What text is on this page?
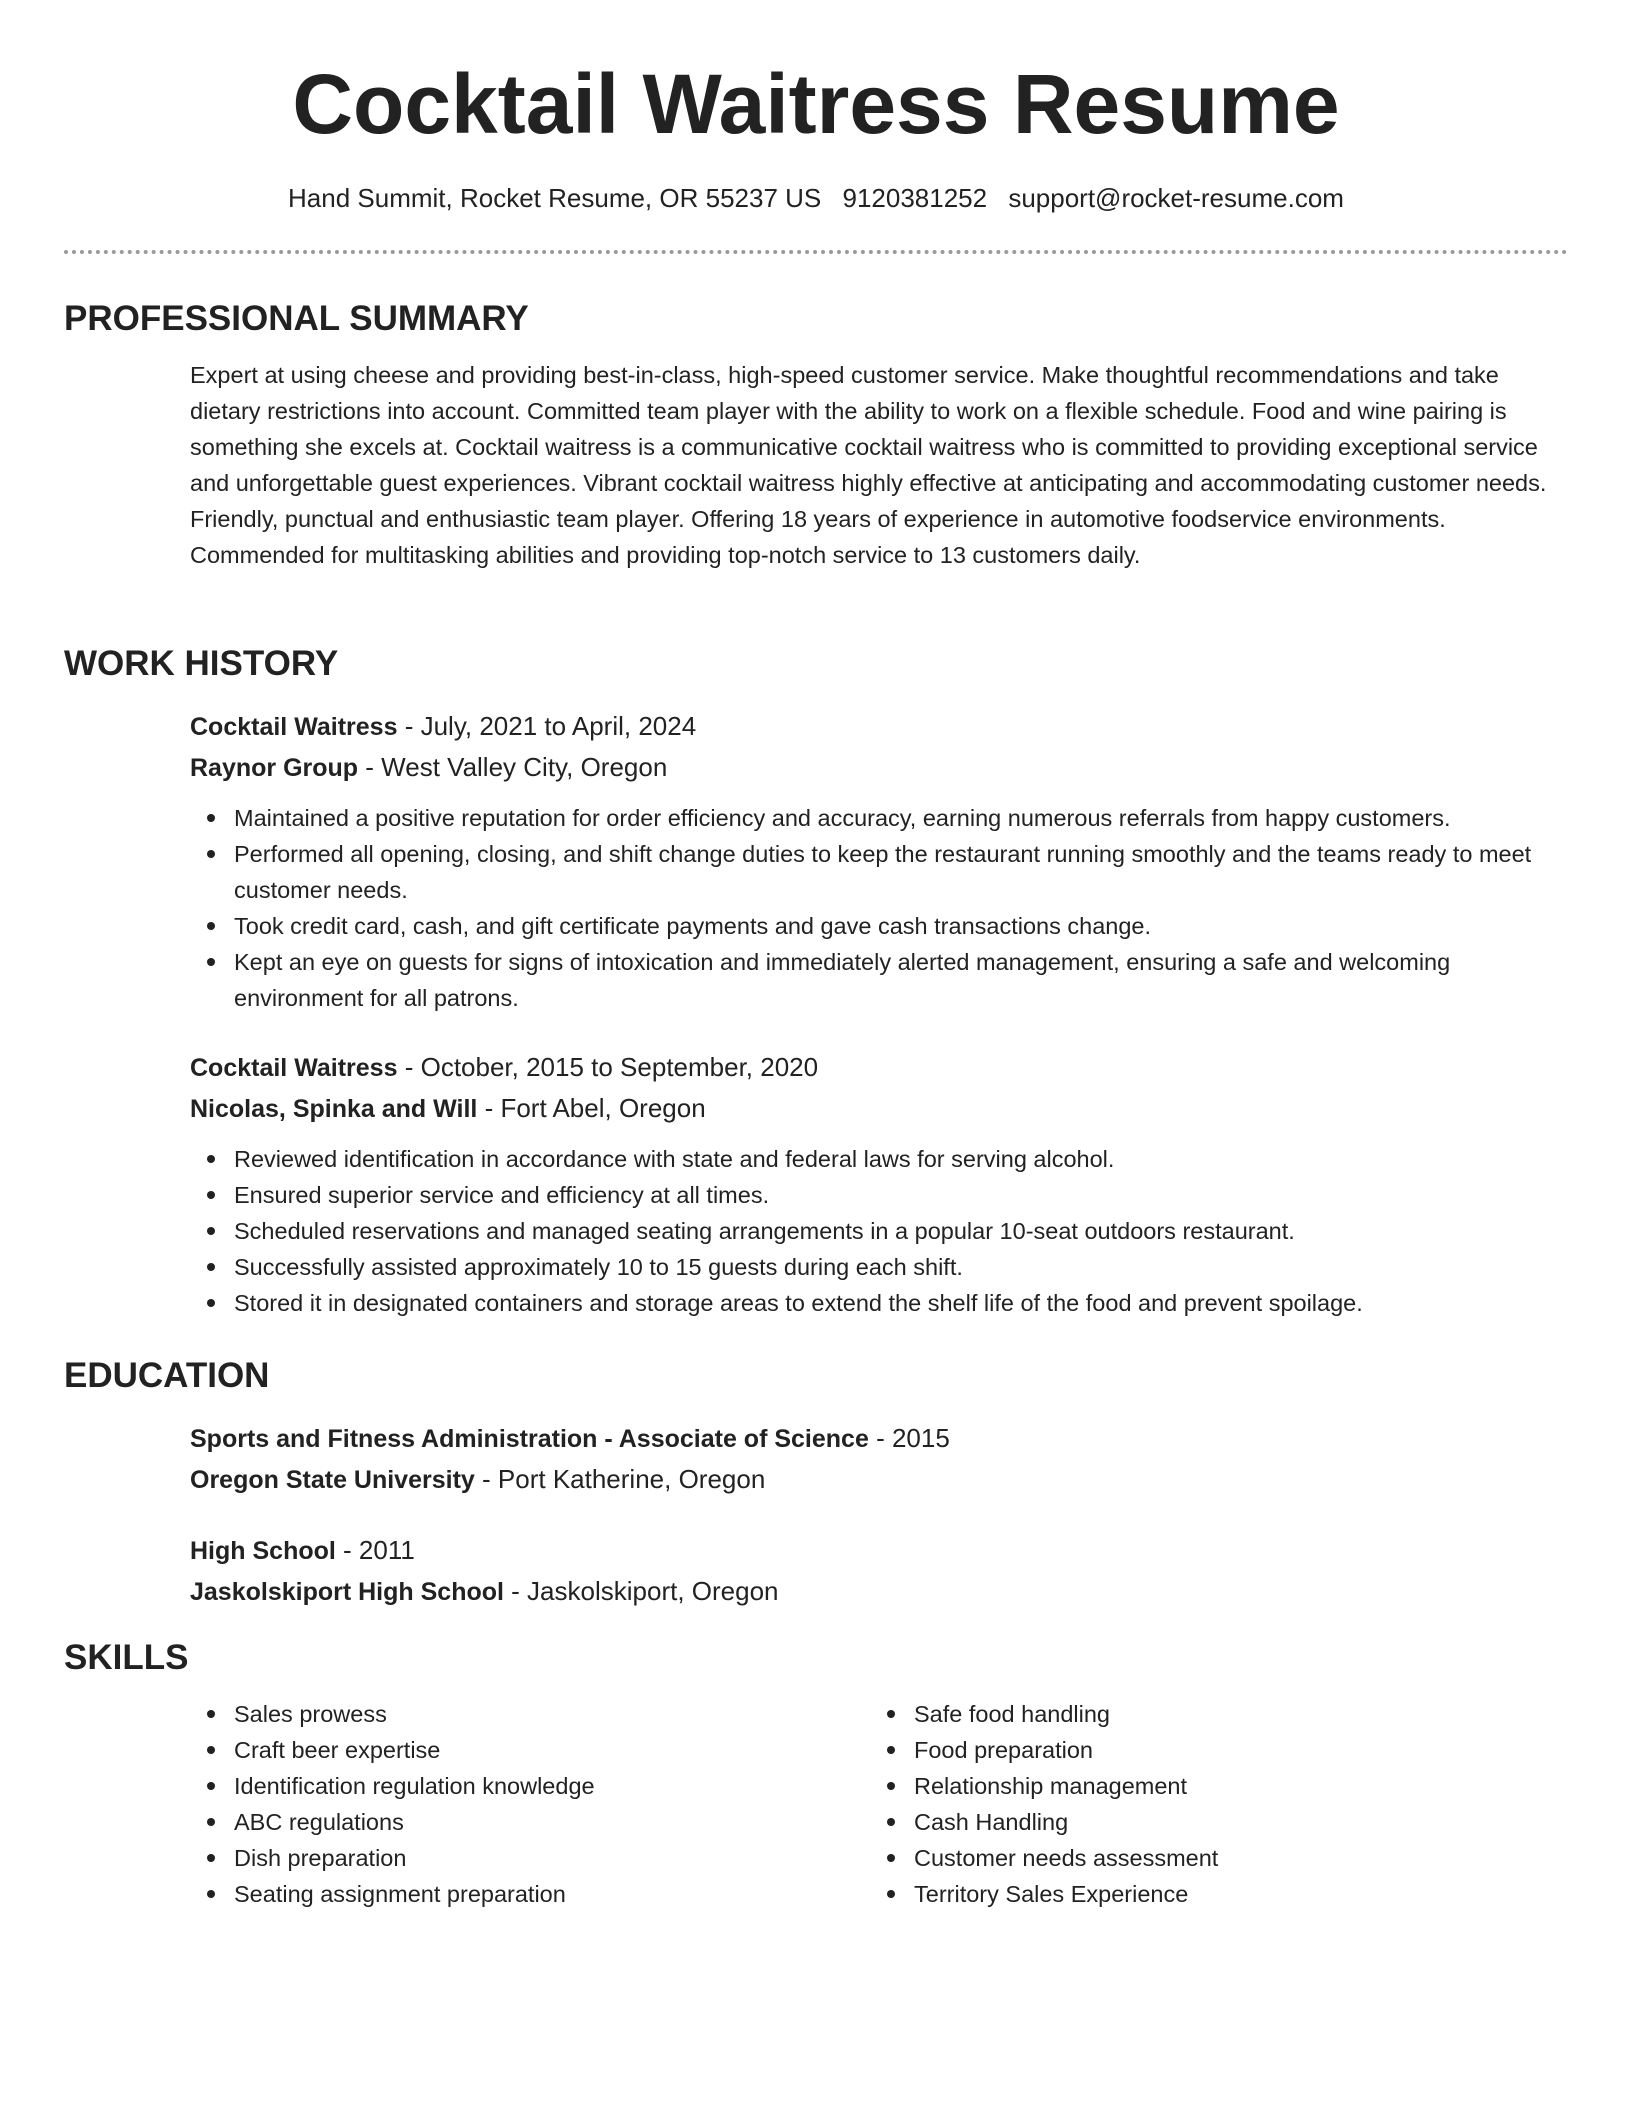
Cocktail Waitress Resume
Hand Summit, Rocket Resume, OR 55237 US 9120381252 support@rocket-resume.com
PROFESSIONAL SUMMARY

Expert at using cheese and providing best-in-class, high-speed customer service. Make thoughtful recommendations and take dietary restrictions into account. Committed team player with the ability to work on a flexible schedule. Food and wine pairing is something she excels at. Cocktail waitress is a communicative cocktail waitress who is committed to providing exceptional service and unforgettable guest experiences. Vibrant cocktail waitress highly effective at anticipating and accommodating customer needs. Friendly, punctual and enthusiastic team player. Offering 18 years of experience in automotive foodservice environments. Commended for multitasking abilities and providing top-notch service to 13 customers daily.

WORK HISTORY
Cocktail Waitress - July, 2021 to April, 2024
Raynor Group - West Valley City, Oregon
Maintained a positive reputation for order efficiency and accuracy, earning numerous referrals from happy customers.
Performed all opening, closing, and shift change duties to keep the restaurant running smoothly and the teams ready to meet customer needs.
Took credit card, cash, and gift certificate payments and gave cash transactions change.
Kept an eye on guests for signs of intoxication and immediately alerted management, ensuring a safe and welcoming environment for all patrons.
Cocktail Waitress - October, 2015 to September, 2020
Nicolas, Spinka and Will - Fort Abel, Oregon
Reviewed identification in accordance with state and federal laws for serving alcohol.
Ensured superior service and efficiency at all times.
Scheduled reservations and managed seating arrangements in a popular 10-seat outdoors restaurant.
Successfully assisted approximately 10 to 15 guests during each shift.
Stored it in designated containers and storage areas to extend the shelf life of the food and prevent spoilage.
EDUCATION
Sports and Fitness Administration - Associate of Science - 2015
Oregon State University - Port Katherine, Oregon
High School - 2011
Jaskolskiport High School - Jaskolskiport, Oregon
SKILLS
Sales prowess
Craft beer expertise
Identification regulation knowledge
ABC regulations
Dish preparation
Seating assignment preparation
Safe food handling
Food preparation
Relationship management
Cash Handling
Customer needs assessment
Territory Sales Experience
